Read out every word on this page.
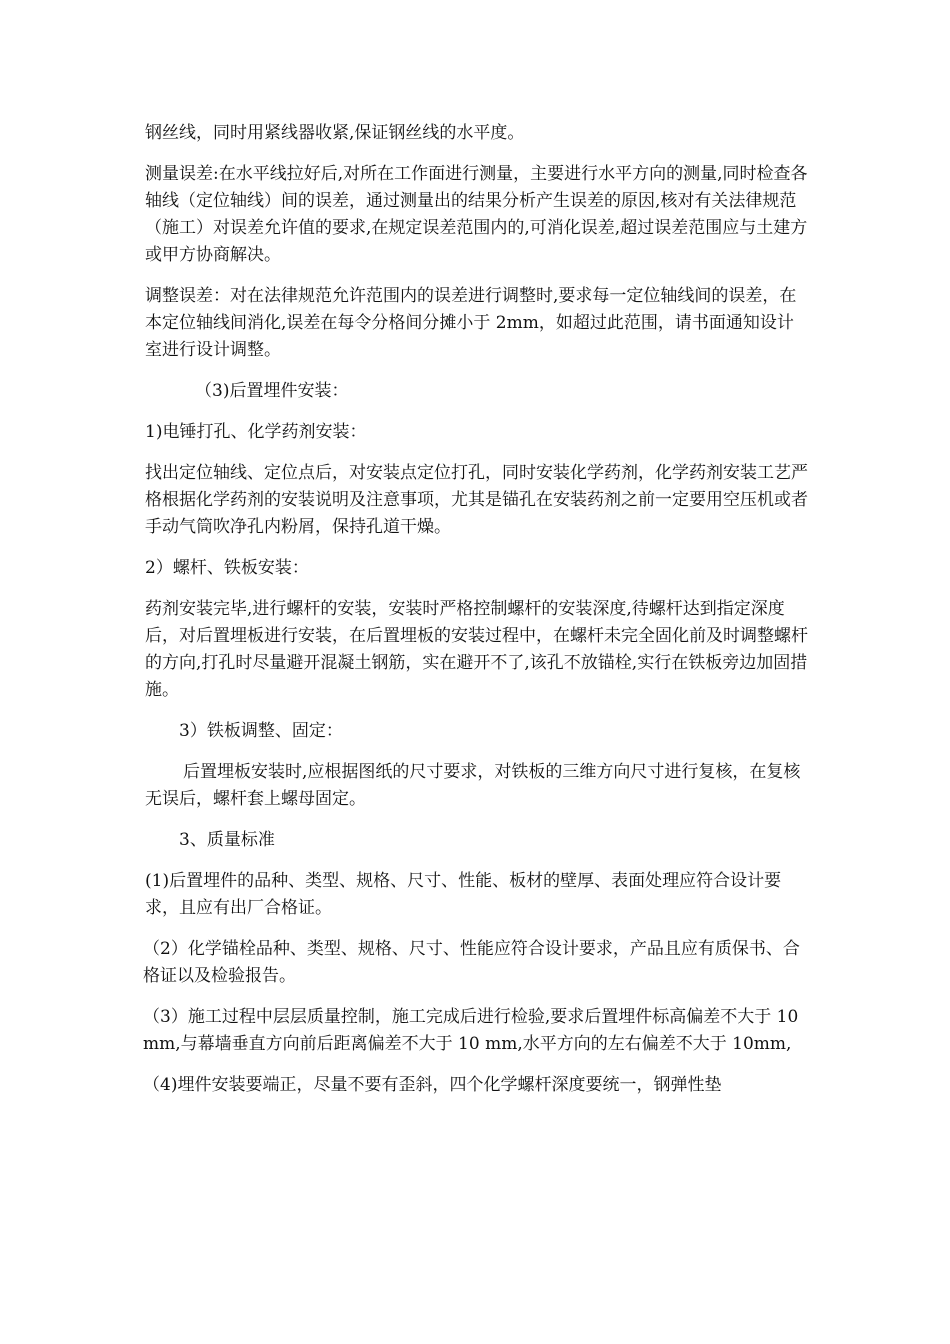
钢丝线，同时用紧线器收紧,保证钢丝线的水平度。

测量误差:在水平线拉好后,对所在工作面进行测量，主要进行水平方向的测量,同时检查各轴线（定位轴线）间的误差，通过测量出的结果分析产生误差的原因,核对有关法律规范（施工）对误差允许值的要求,在规定误差范围内的,可消化误差,超过误差范围应与土建方或甲方协商解决。

调整误差：对在法律规范允许范围内的误差进行调整时,要求每一定位轴线间的误差，在本定位轴线间消化,误差在每令分格间分摊小于 2mm，如超过此范围，请书面通知设计室进行设计调整。

（3)后置埋件安装：

1)电锤打孔、化学药剂安装：

找出定位轴线、定位点后，对安装点定位打孔，同时安装化学药剂，化学药剂安装工艺严格根据化学药剂的安装说明及注意事项，尤其是锚孔在安装药剂之前一定要用空压机或者手动气筒吹净孔内粉屑，保持孔道干燥。

2）螺杆、铁板安装：

药剂安装完毕,进行螺杆的安装，安装时严格控制螺杆的安装深度,待螺杆达到指定深度后，对后置埋板进行安装，在后置埋板的安装过程中，在螺杆未完全固化前及时调整螺杆的方向,打孔时尽量避开混凝土钢筋，实在避开不了,该孔不放锚栓,实行在铁板旁边加固措施。

3）铁板调整、固定：

后置埋板安装时,应根据图纸的尺寸要求，对铁板的三维方向尺寸进行复核，在复核无误后，螺杆套上螺母固定。

3、质量标准

(1)后置埋件的品种、类型、规格、尺寸、性能、板材的壁厚、表面处理应符合设计要求，且应有出厂合格证。

（2）化学锚栓品种、类型、规格、尺寸、性能应符合设计要求，产品且应有质保书、合格证以及检验报告。

（3）施工过程中层层质量控制，施工完成后进行检验,要求后置埋件标高偏差不大于 10mm,与幕墙垂直方向前后距离偏差不大于 10 mm,水平方向的左右偏差不大于 10mm,

（4)埋件安装要端正，尽量不要有歪斜，四个化学螺杆深度要统一，钢弹性垫
